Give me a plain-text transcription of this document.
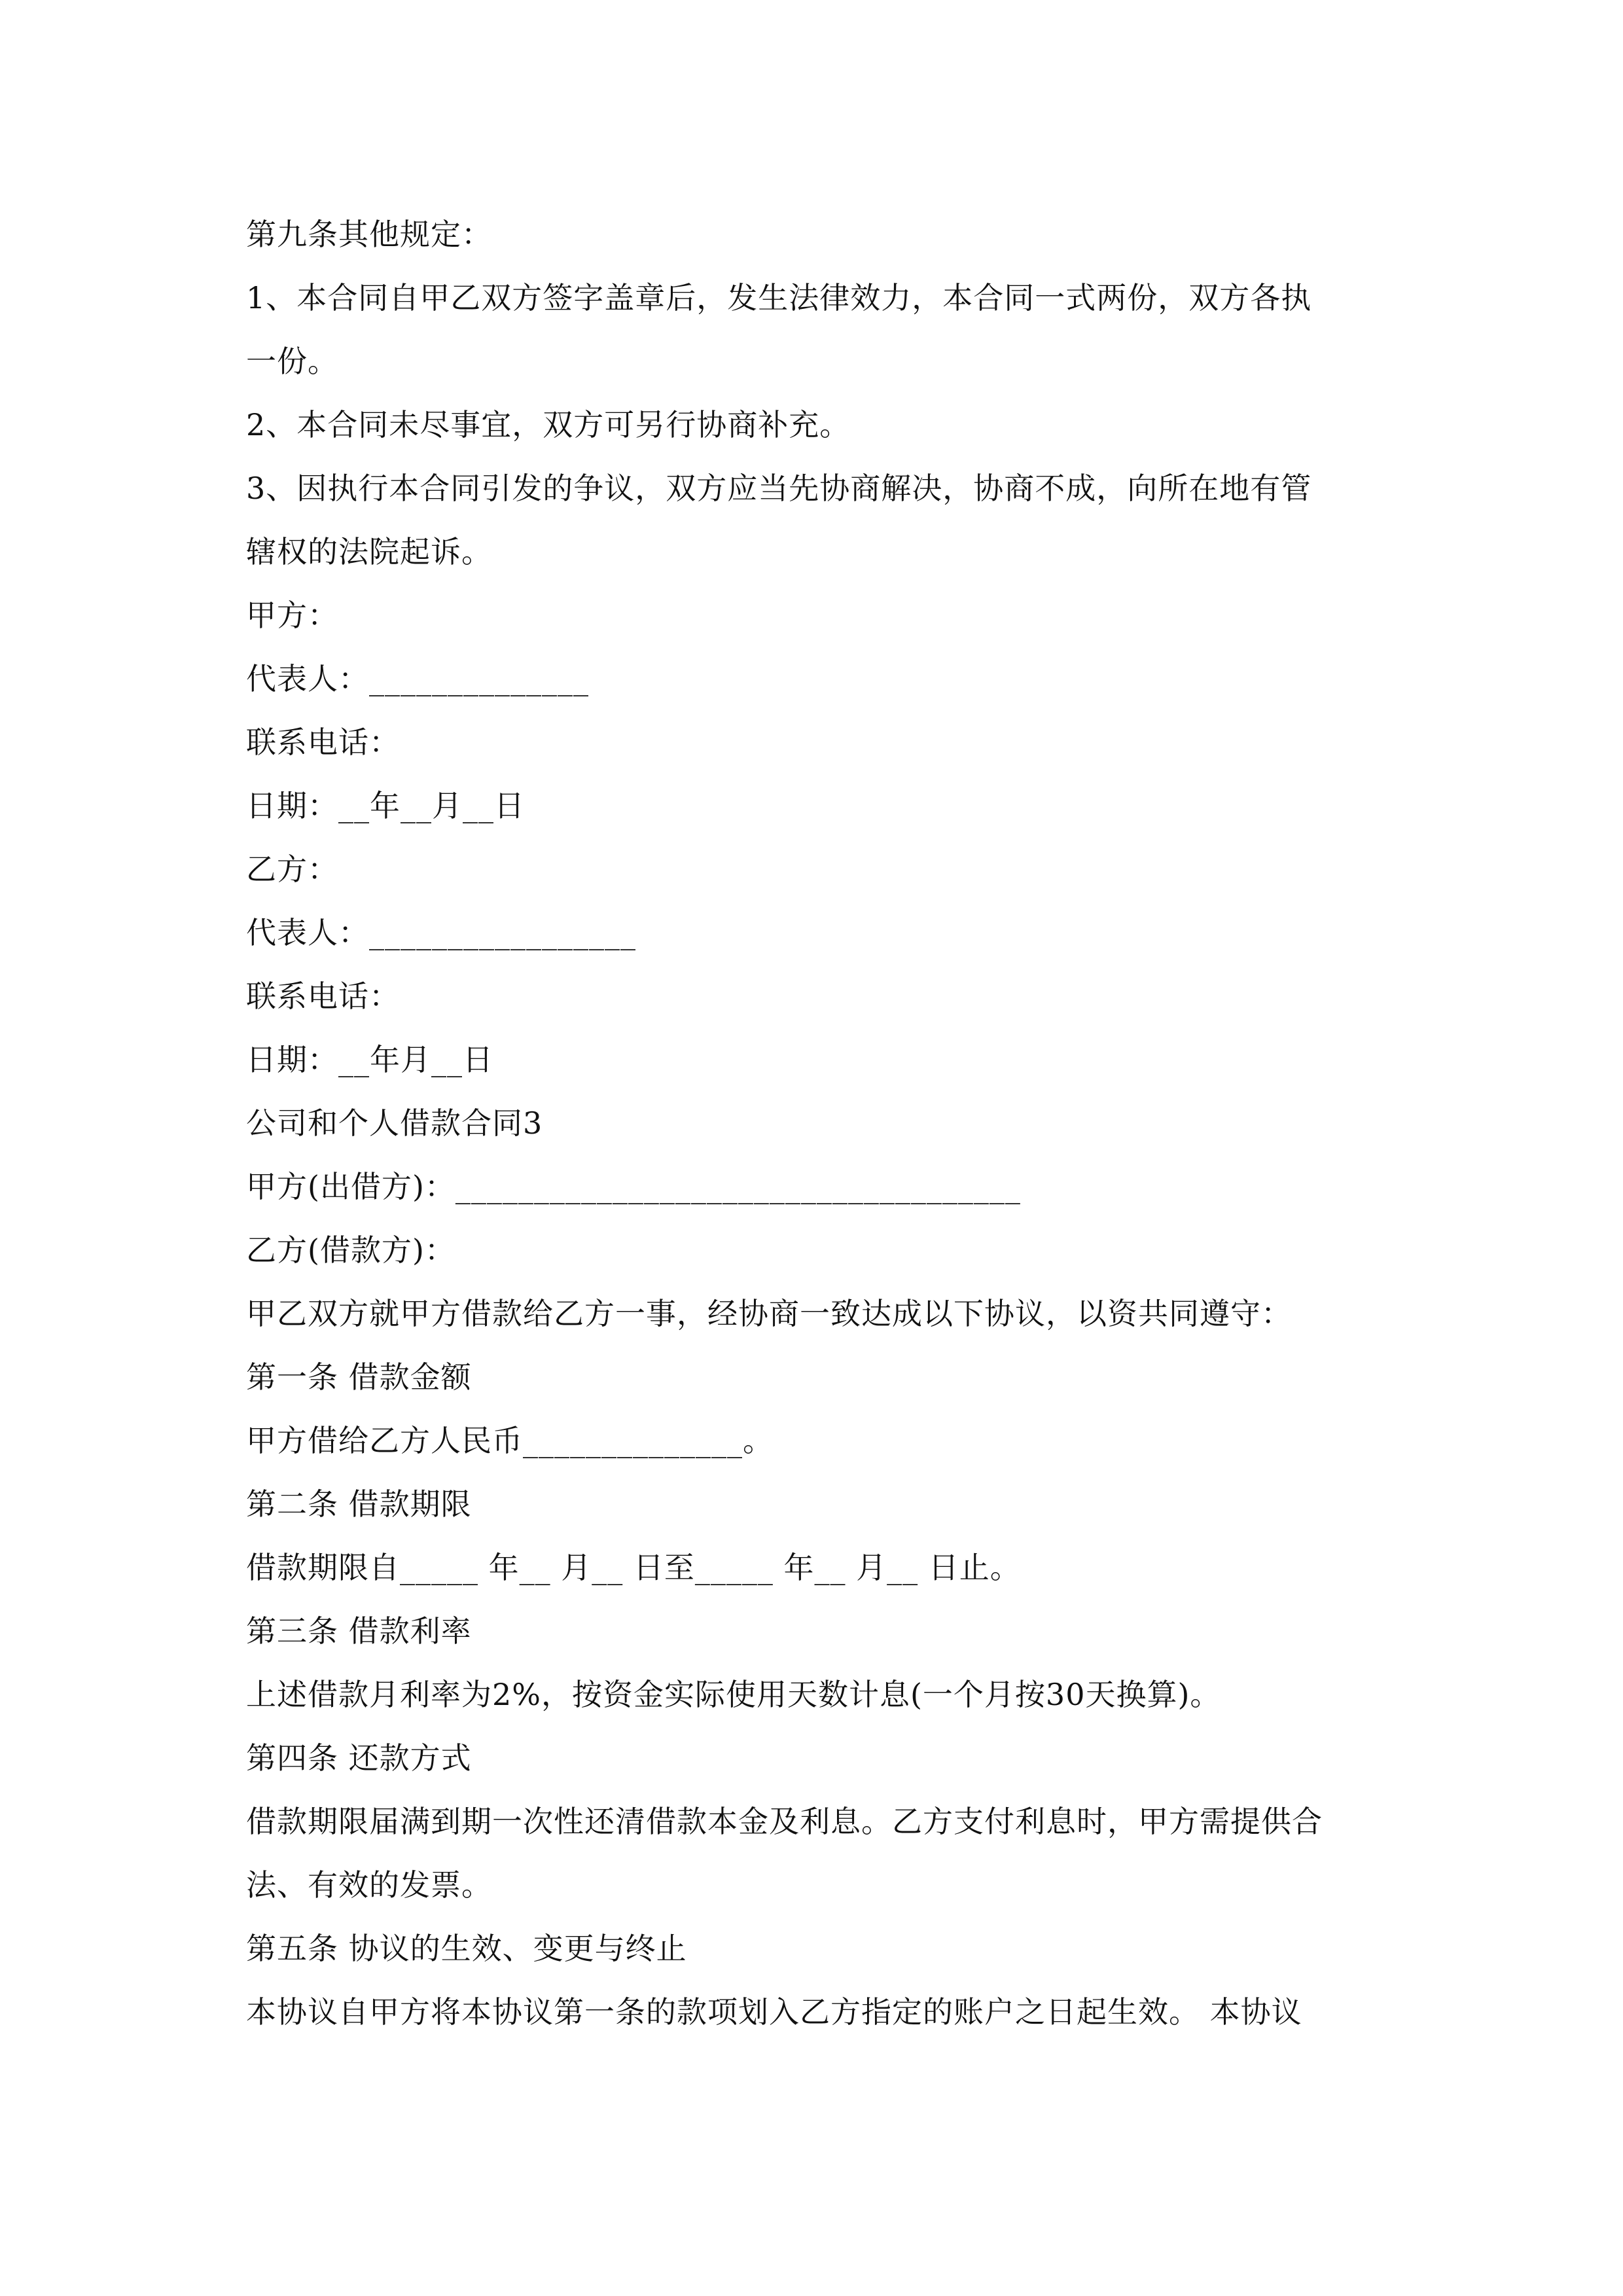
第九条其他规定：
1、本合同自甲乙双方签字盖章后，发生法律效力，本合同一式两份，双方各执
一份。
2、本合同未尽事宜，双方可另行协商补充。
3、因执行本合同引发的争议，双方应当先协商解决，协商不成，向所在地有管
辖权的法院起诉。
甲方：
代表人：______________
联系电话：
日期：__年__月__日
乙方：
代表人：_________________
联系电话：
日期：__年月__日
公司和个人借款合同3
甲方(出借方)：____________________________________
乙方(借款方)：
甲乙双方就甲方借款给乙方一事，经协商一致达成以下协议，以资共同遵守：
第一条 借款金额
甲方借给乙方人民币______________。
第二条 借款期限
借款期限自_____ 年__ 月__ 日至_____ 年__ 月__ 日止。
第三条 借款利率
上述借款月利率为2%，按资金实际使用天数计息(一个月按30天换算)。
第四条 还款方式
借款期限届满到期一次性还清借款本金及利息。乙方支付利息时，甲方需提供合
法、有效的发票。
第五条 协议的生效、变更与终止
本协议自甲方将本协议第一条的款项划入乙方指定的账户之日起生效。 本协议
